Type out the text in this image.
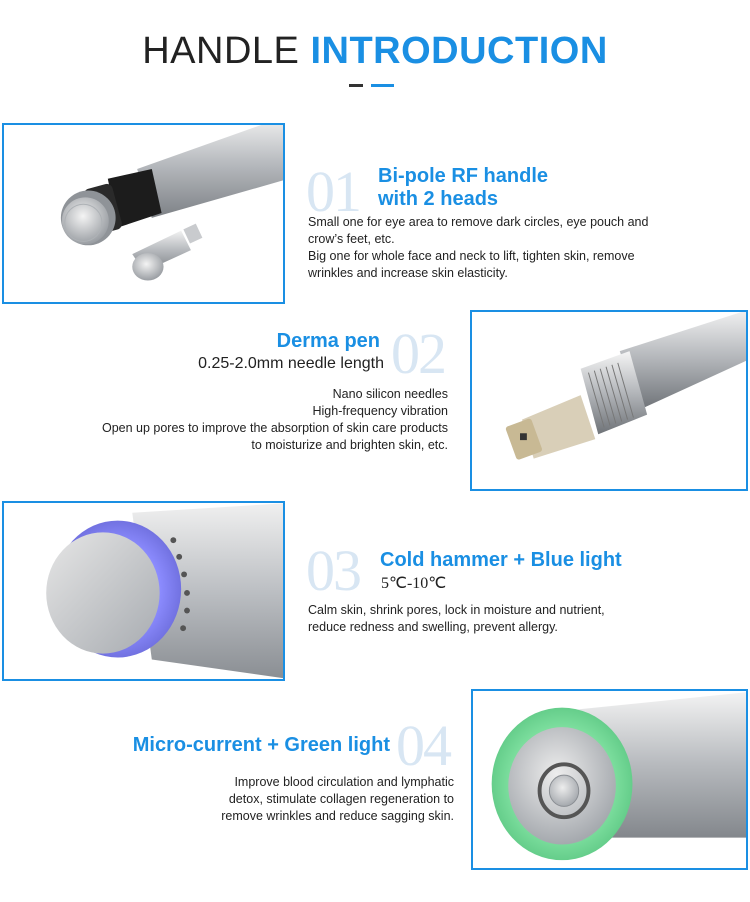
HANDLE INTRODUCTION
01 Bi-pole RF handle
with 2 heads
Small one for eye area to remove dark circles, eye pouch and
crow’s feet, etc.
Big one for whole face and neck to lift, tighten skin, remove
wrinkles and increase skin elasticity.
Derma pen
0.25-2.0mm needle length 02
Nano silicon needles
High-frequency vibration
Open up pores to improve the absorption of skin care products
to moisturize and brighten skin, etc.
03 Cold hammer + Blue light
5℃-10℃
Calm skin, shrink pores, lock in moisture and nutrient,
reduce redness and swelling, prevent allergy.
Micro-current + Green light 04
Improve blood circulation and lymphatic
detox, stimulate collagen regeneration to
remove wrinkles and reduce sagging skin.
